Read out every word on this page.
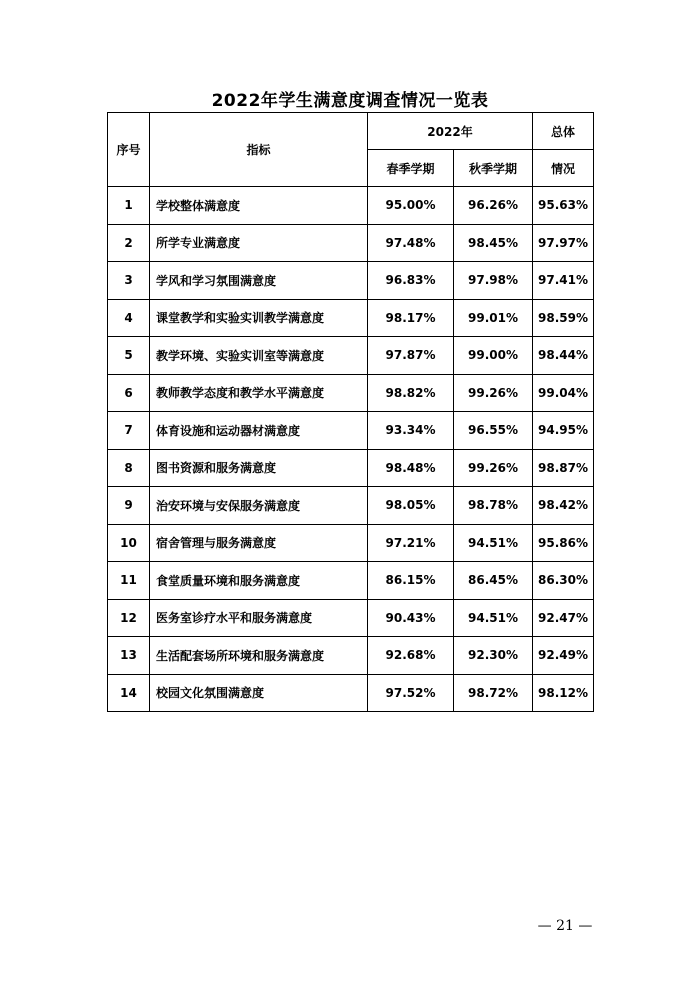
2022年学生满意度调查情况一览表
序号	指标	2022年		总体
		春季学期	秋季学期	情况
1	学校整体满意度	95.00%	96.26%	95.63%
2	所学专业满意度	97.48%	98.45%	97.97%
3	学风和学习氛围满意度	96.83%	97.98%	97.41%
4	课堂教学和实验实训教学满意度	98.17%	99.01%	98.59%
5	教学环境、实验实训室等满意度	97.87%	99.00%	98.44%
6	教师教学态度和教学水平满意度	98.82%	99.26%	99.04%
7	体育设施和运动器材满意度	93.34%	96.55%	94.95%
8	图书资源和服务满意度	98.48%	99.26%	98.87%
9	治安环境与安保服务满意度	98.05%	98.78%	98.42%
10	宿舍管理与服务满意度	97.21%	94.51%	95.86%
11	食堂质量环境和服务满意度	86.15%	86.45%	86.30%
12	医务室诊疗水平和服务满意度	90.43%	94.51%	92.47%
13	生活配套场所环境和服务满意度	92.68%	92.30%	92.49%
14	校园文化氛围满意度	97.52%	98.72%	98.12%
— 21 —
